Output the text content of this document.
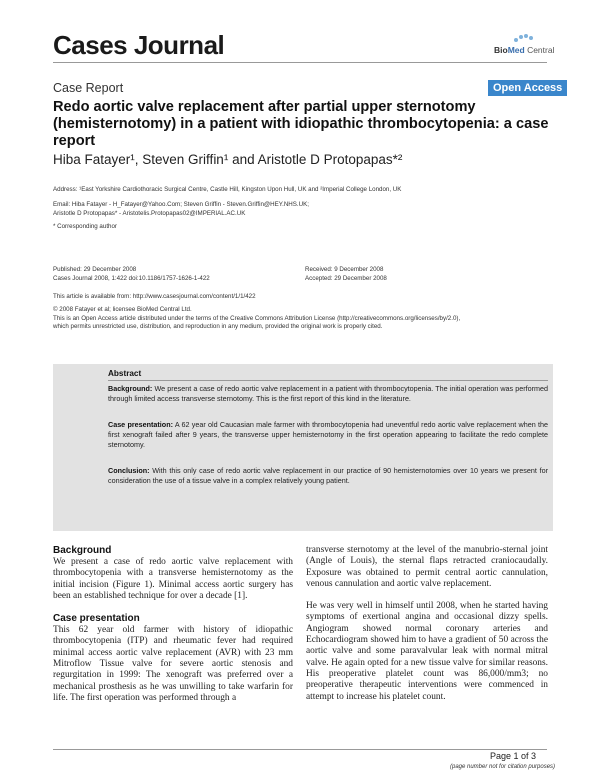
Cases Journal	BioMed Central
Case Report	Open Access
Redo aortic valve replacement after partial upper sternotomy (hemisternotomy) in a patient with idiopathic thrombocytopenia: a case report
Hiba Fatayer¹, Steven Griffin¹ and Aristotle D Protopapas*²
Address: ¹East Yorkshire Cardiothoracic Surgical Centre, Castle Hill, Kingston Upon Hull, UK and ²Imperial College London, UK
Email: Hiba Fatayer - H_Fatayer@Yahoo.Com; Steven Griffin - Steven.Griffin@HEY.NHS.UK;
Aristotle D Protopapas* - Aristotelis.Protopapas02@IMPERIAL.AC.UK
* Corresponding author
Published: 29 December 2008
Cases Journal 2008, 1:422 doi:10.1186/1757-1626-1-422
Received: 9 December 2008
Accepted: 29 December 2008
This article is available from: http://www.casesjournal.com/content/1/1/422
© 2008 Fatayer et al; licensee BioMed Central Ltd.
This is an Open Access article distributed under the terms of the Creative Commons Attribution License (http://creativecommons.org/licenses/by/2.0),
which permits unrestricted use, distribution, and reproduction in any medium, provided the original work is properly cited.
Abstract
Background: We present a case of redo aortic valve replacement in a patient with thrombocytopenia. The initial operation was performed through limited access transverse sternotomy. This is the first report of this kind in the literature.
Case presentation: A 62 year old Caucasian male farmer with thrombocytopenia had uneventful redo aortic valve replacement when the first xenograft failed after 9 years, the transverse upper hemisternotomy in the first operation appearing to facilitate the redo complete sternotomy.
Conclusion: With this only case of redo aortic valve replacement in our practice of 90 hemisternotomies over 10 years we present for consideration the use of a tissue valve in a complex relatively young patient.
Background

We present a case of redo aortic valve replacement with thrombocytopenia with a transverse hemisternotomy as the initial incision (Figure 1). Minimal access aortic surgery has been an established technique for over a decade [1].

Case presentation

This 62 year old farmer with history of idiopathic thrombocytopenia (ITP) and rheumatic fever had required minimal access aortic valve replacement (AVR) with 23 mm Mitroflow Tissue valve for severe aortic stenosis and regurgitation in 1999: The xenograft was preferred over a mechanical prosthesis as he was unwilling to take warfarin for life. The first operation was performed through a

transverse sternotomy at the level of the manubrio-sternal joint (Angle of Louis), the sternal flaps retracted craniocaudally. Exposure was obtained to permit central aortic cannulation, venous cannulation and aortic valve replacement.

He was very well in himself until 2008, when he started having symptoms of exertional angina and occasional dizzy spells. Angiogram showed normal coronary arteries and Echocardiogram showed him to have a gradient of 50 across the aortic valve and some paravalvular leak with normal mitral valve. He again opted for a new tissue valve for similar reasons. His preoperative platelet count was 86,000/mm3; no preoperative therapeutic interventions were commenced in attempt to increase his platelet count.

Page 1 of 3
(page number not for citation purposes)
